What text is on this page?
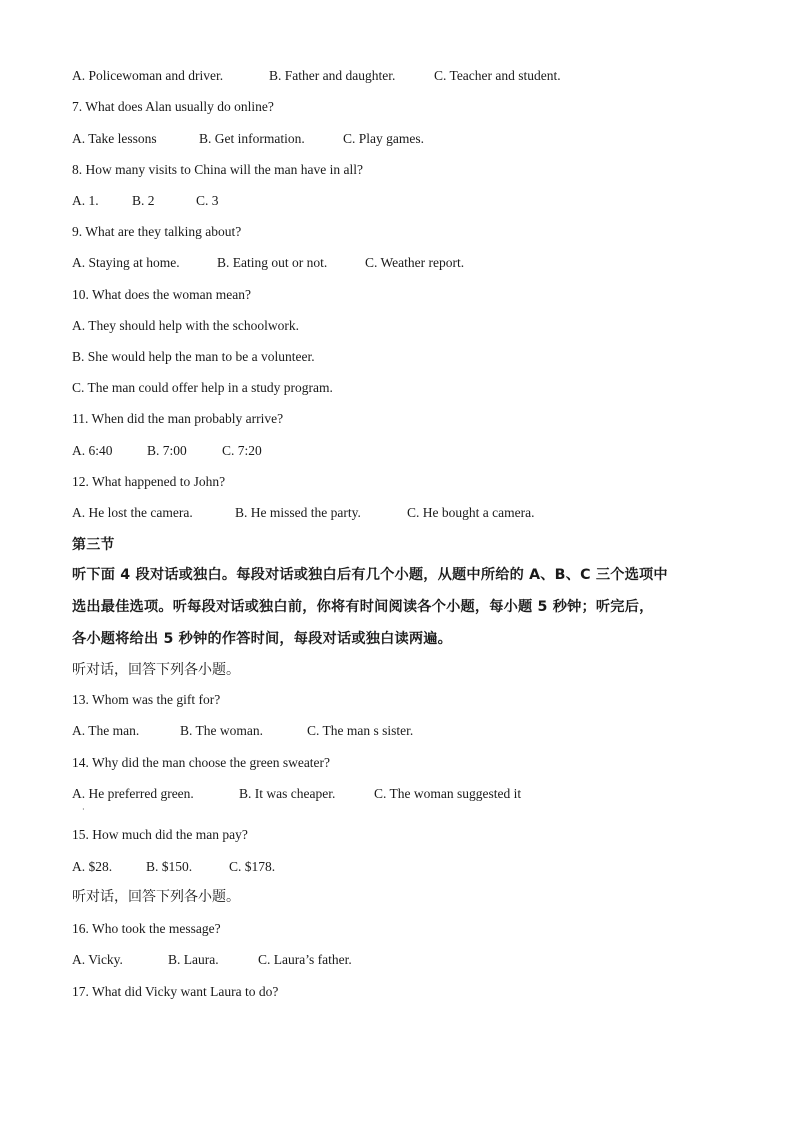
A. Policewoman and driver.	B. Father and daughter.	C. Teacher and student.
7. What does Alan usually do online?
A. Take lessons	B. Get information.	C. Play games.
8. How many visits to China will the man have in all?
A. 1. B. 2	C. 3
9. What are they talking about?
A. Staying at home.	B. Eating out or not.	C. Weather report.
10. What does the woman mean?
A. They should help with the schoolwork.
B. She would help the man to be a volunteer.
C. The man could offer help in a study program.
11. When did the man probably arrive?
A. 6:40	B. 7:00	C. 7:20
12. What happened to John?
A. He lost the camera.	B. He missed the party.	C. He bought a camera.
第三节
听下面 4 段对话或独白。每段对话或独白后有几个小题，从题中所给的 A、B、C 三个选项中
选出最佳选项。听每段对话或独白前，你将有时间阅读各个小题，每小题 5 秒钟；听完后，
各小题将给出 5 秒钟的作答时间，每段对话或独白读两遍。
听对话，回答下列各小题。
13. Whom was the gift for?
A. The man.	B. The woman.	C. The man s sister.
14. Why did the man choose the green sweater?
A. He preferred green.	B. It was cheaper.	C. The woman suggested it
·
15. How much did the man pay?
A. $28.	B. $150.	C. $178.
听对话，回答下列各小题。
16. Who took the message?
A. Vicky.	B. Laura.	C. Laura’s father.
17. What did Vicky want Laura to do?
